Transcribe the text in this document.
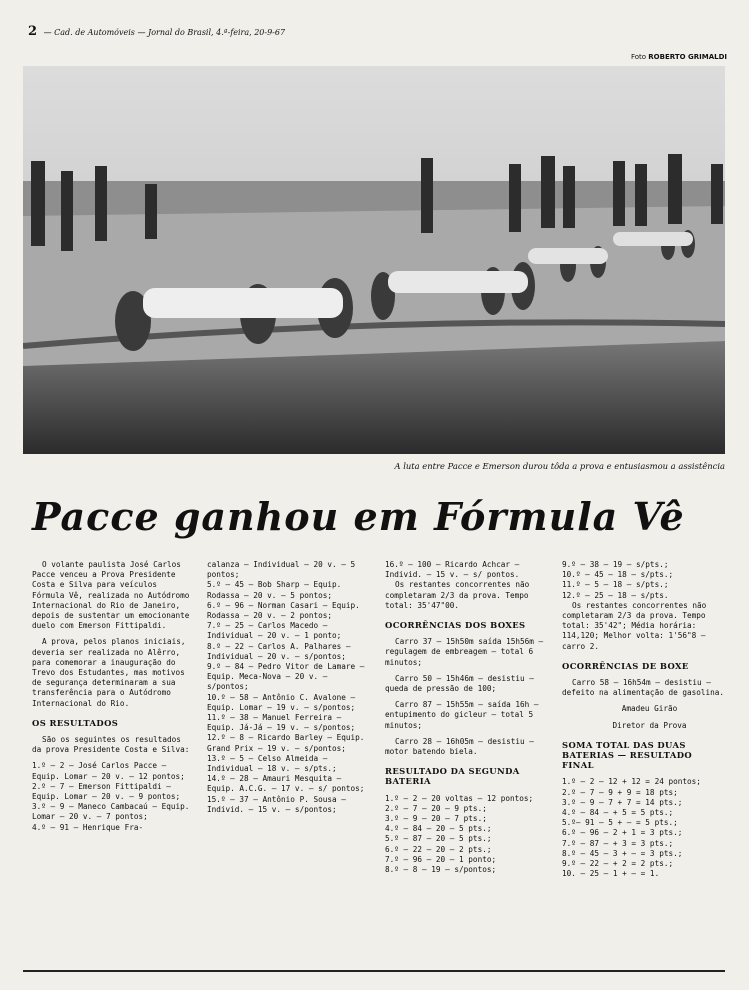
2 — Cad. de Automóveis — Jornal do Brasil, 4.ª-feira, 20-9-67
Foto ROBERTO GRIMALDI
A luta entre Pacce e Emerson durou tôda a prova e entusiasmou a assistência
Pacce ganhou em Fórmula Vê

O volante paulista José Carlos Pacce venceu a Prova Presidente Costa e Silva para veículos Fórmula Vê, realizada no Autódromo Internacional do Rio de Janeiro, depois de sustentar um emocionante duelo com Emerson Fittipaldi.

A prova, pelos planos iniciais, deveria ser realizada no Alêrro, para comemorar a inauguração do Trevo dos Estudantes, mas motivos de segurança determinaram a sua transferência para o Autódromo Internacional do Rio.

OS RESULTADOS

São os seguintes os resultados da prova Presidente Costa e Silva:

1.º — 2 — José Carlos Pacce — Equip. Lomar — 20 v. — 12 pontos;

2.º — 7 — Emerson Fittipaldi — Equip. Lomar — 20 v. — 9 pontos;

3.º — 9 — Maneco Cambacaú — Equip. Lomar — 20 v. — 7 pontos;

4.º — 91 — Henrique Fra-

calanza — Individual — 20 v. — 5 pontos;

5.º — 45 — Bob Sharp — Equip. Rodassa — 20 v. — 5 pontos;

6.º — 96 — Norman Casari — Equip. Rodassa — 20 v. — 2 pontos;

7.º — 25 — Carlos Macedo — Individual — 20 v. — 1 ponto;

8.º — 22 — Carlos A. Palhares — Individual — 20 v. — s/pontos;

9.º — 84 — Pedro Vitor de Lamare — Equip. Meca-Nova — 20 v. — s/pontos;

10.º — 58 — Antônio C. Avalone — Equip. Lomar — 19 v. — s/pontos;

11.º — 38 — Manuel Ferreira — Equip. Já-Já — 19 v. — s/pontos;

12.º — 8 — Ricardo Barley — Equip. Grand Prix — 19 v. — s/pontos;

13.º — 5 — Celso Almeida — Individual — 18 v. — s/pts.;

14.º — 28 — Amauri Mesquita — Equip. A.C.G. — 17 v. — s/ pontos;

15.º — 37 — Antônio P. Sousa — Individ. — 15 v. — s/pontos;

16.º — 100 — Ricardo Achcar — Individ. — 15 v. — s/ pontos.

Os restantes concorrentes não completaram 2/3 da prova. Tempo total: 35'47"00.

OCORRÊNCIAS DOS BOXES

Carro 37 — 15h50m saída 15h56m — regulagem de embreagem — total 6 minutos;

Carro 50 — 15h46m — desistiu — queda de pressão de 100;

Carro 87 — 15h55m — saída 16h — entupimento do gicleur — total 5 minutos;

Carro 28 — 16h05m — desistiu — motor batendo biela.

RESULTADO DA SEGUNDA BATERIA

1.º — 2 — 20 voltas — 12 pontos;

2.º — 7 — 20 — 9 pts.;

3.º — 9 — 20 — 7 pts.;

4.º — 84 — 20 — 5 pts.;

5.º — 87 — 20 — 5 pts.;

6.º — 22 — 20 — 2 pts.;

7.º — 96 — 20 — 1 ponto;

8.º — 8 — 19 — s/pontos;

9.º — 38 — 19 — s/pts.;

10.º — 45 — 18 — s/pts.;

11.º — 5 — 18 — s/pts.;

12.º — 25 — 18 — s/pts.

Os restantes concorrentes não completaram 2/3 da prova. Tempo total: 35'42"; Média horária: 114,120; Melhor volta: 1'56"8 — carro 2.

OCORRÊNCIAS DE BOXE

Carro 58 — 16h54m — desistiu — defeito na alimentação de gasolina.

Amadeu Girão

Diretor da Prova

SOMA TOTAL DAS DUAS BATERIAS — RESULTADO FINAL

1.º — 2 — 12 + 12 = 24 pontos;

2.º — 7 — 9 + 9 = 18 pts;

3.º — 9 — 7 + 7 = 14 pts.;

4.º — 84 — + 5 = 5 pts.;

5.º— 91 — 5 + — = 5 pts.;

6.º — 96 — 2 + 1 = 3 pts.;

7.º — 87 — + 3 = 3 pts.;

8.º — 45 — 3 + — = 3 pts.;

9.º — 22 — + 2 = 2 pts.;

10. — 25 — 1 + — = 1.
